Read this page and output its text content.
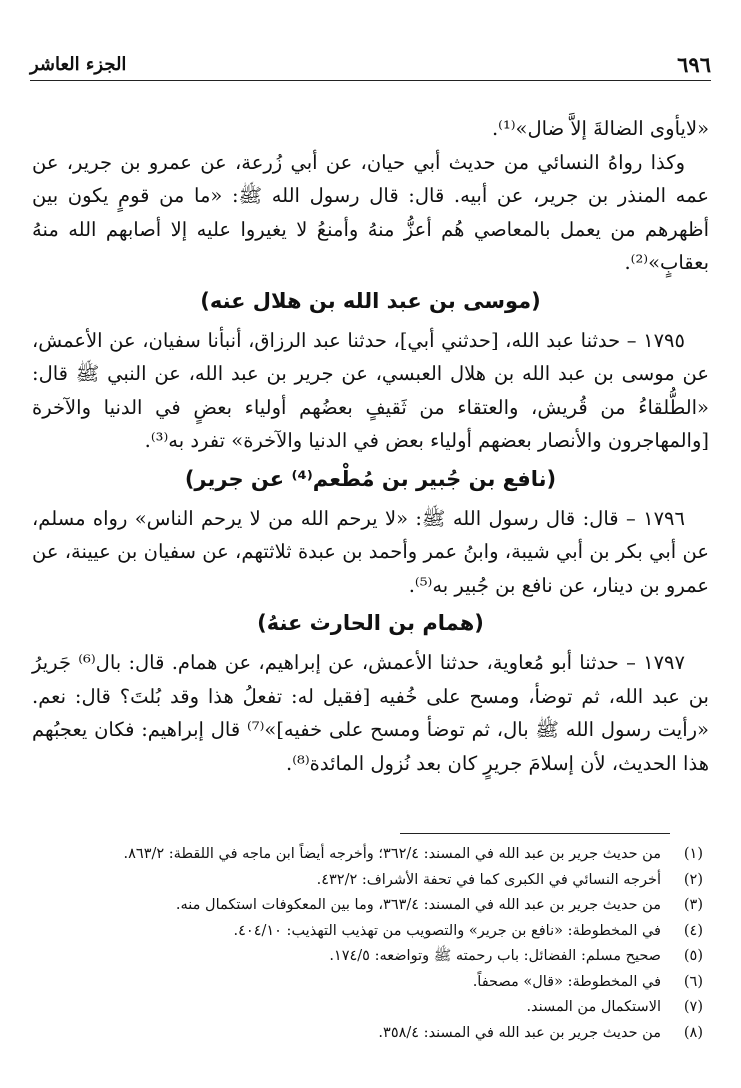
٦٩٦
الجزء العاشر

«لايأوى الضالةَ إلاَّ ضال»⁽¹⁾.

وكذا رواهُ النسائي من حديث أبي حيان، عن أبي زُرعة، عن عمرو بن جرير، عن عمه المنذر بن جرير، عن أبيه. قال: قال رسول الله ﷺ: «ما من قومٍ يكون بين أظهرهم من يعمل بالمعاصي هُم أعزُّ منهُ وأمنعُ لا يغيروا عليه إلا أصابهم الله منهُ بعقابٍ»⁽²⁾.

(موسى بن عبد الله بن هلال عنه)

١٧٩٥ – حدثنا عبد الله، [حدثني أبي]، حدثنا عبد الرزاق، أنبأنا سفيان، عن الأعمش، عن موسى بن عبد الله بن هلال العبسي، عن جرير بن عبد الله، عن النبي ﷺ قال: «الطُّلقاءُ من قُريش، والعتقاء من ثَقيفٍ بعضُهم أولياء بعضٍ في الدنيا والآخرة [والمهاجرون والأنصار بعضهم أولياء بعض في الدنيا والآخرة» تفرد به⁽³⁾.

(نافع بن جُبير بن مُطْعم⁽⁴⁾ عن جرير)

١٧٩٦ – قال: قال رسول الله ﷺ: «لا يرحم الله من لا يرحم الناس» رواه مسلم، عن أبي بكر بن أبي شيبة، وابنُ عمر وأحمد بن عبدة ثلاثتهم، عن سفيان بن عيينة، عن عمرو بن دينار، عن نافع بن جُبير به⁽⁵⁾.

(همام بن الحارث عنهُ)

١٧٩٧ – حدثنا أبو مُعاوية، حدثنا الأعمش، عن إبراهيم، عن همام. قال: بال⁽⁶⁾ جَريرُ بن عبد الله، ثم توضأ، ومسح على خُفيه [فقيل له: تفعلُ هذا وقد بُلتَ؟ قال: نعم. «رأيت رسول الله ﷺ بال، ثم توضأ ومسح على خفيه]»⁽⁷⁾ قال إبراهيم: فكان يعجبُهم هذا الحديث، لأن إسلامَ جريرٍ كان بعد نُزول المائدة⁽⁸⁾.

(١)
من حديث جرير بن عبد الله في المسند: ٣٦٢/٤؛ وأخرجه أيضاً ابن ماجه في اللقطة: ٨٦٣/٢.
(٢)
أخرجه النسائي في الكبرى كما في تحفة الأشراف: ٤٣٢/٢.
(٣)
من حديث جرير بن عبد الله في المسند: ٣٦٣/٤، وما بين المعكوفات استكمال منه.
(٤)
في المخطوطة: «نافع بن جرير» والتصويب من تهذيب التهذيب: ٤٠٤/١٠.
(٥)
صحيح مسلم: الفضائل: باب رحمته ﷺ وتواضعه: ١٧٤/٥.
(٦)
في المخطوطة: «قال» مصحفاً.
(٧)
الاستكمال من المسند.
(٨)
من حديث جرير بن عبد الله في المسند: ٣٥٨/٤.
